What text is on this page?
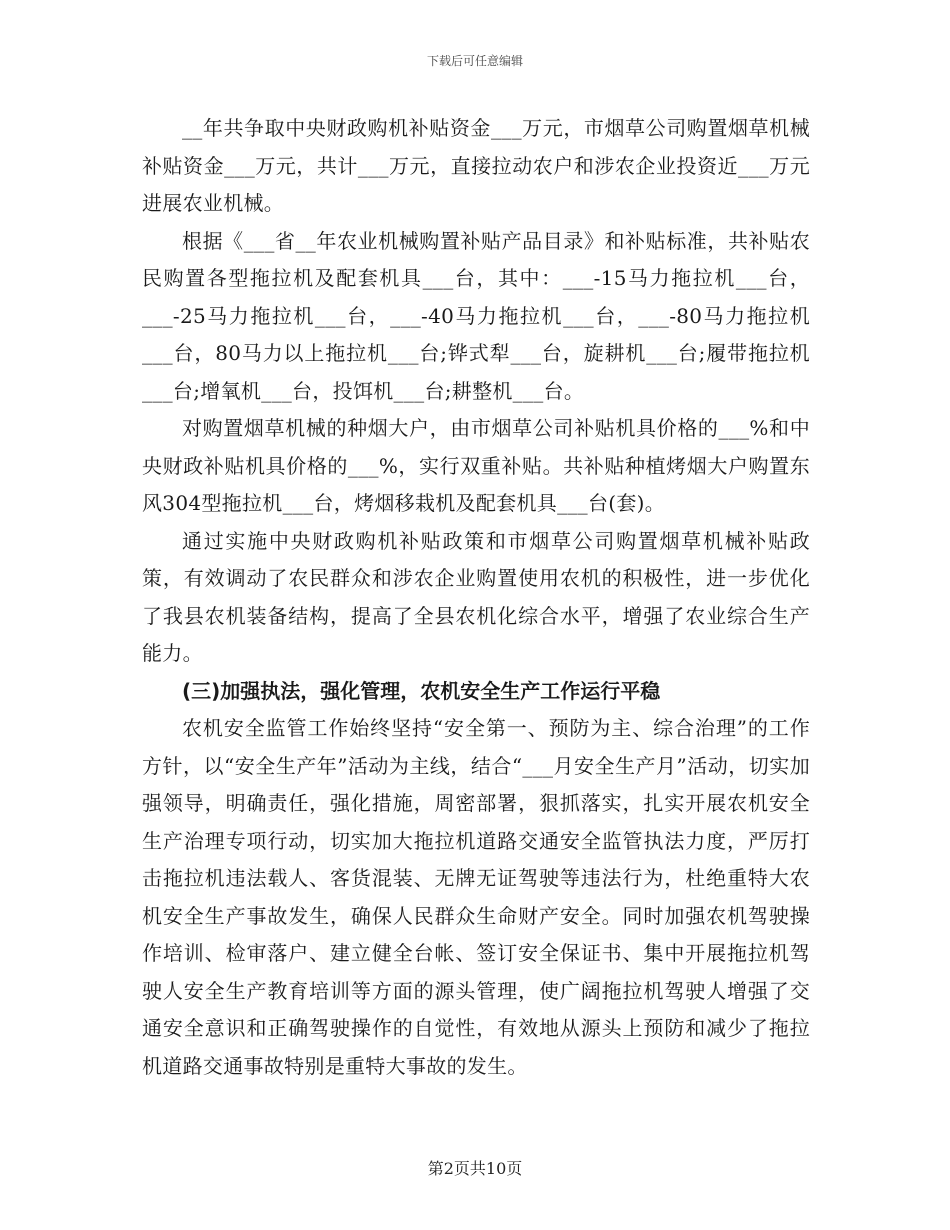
下载后可任意编辑

__年共争取中央财政购机补贴资金___万元，市烟草公司购置烟草机械补贴资金___万元，共计___万元，直接拉动农户和涉农企业投资近___万元进展农业机械。

根据《___省__年农业机械购置补贴产品目录》和补贴标准，共补贴农民购置各型拖拉机及配套机具___台，其中：___-15马力拖拉机___台，___-25马力拖拉机___台，___-40马力拖拉机___台，___-80马力拖拉机___台，80马力以上拖拉机___台;铧式犁___台，旋耕机___台;履带拖拉机___台;增氧机___台，投饵机___台;耕整机___台。

对购置烟草机械的种烟大户，由市烟草公司补贴机具价格的___%和中央财政补贴机具价格的___%，实行双重补贴。共补贴种植烤烟大户购置东风304型拖拉机___台，烤烟移栽机及配套机具___台(套)。

通过实施中央财政购机补贴政策和市烟草公司购置烟草机械补贴政策，有效调动了农民群众和涉农企业购置使用农机的积极性，进一步优化了我县农机装备结构，提高了全县农机化综合水平，增强了农业综合生产能力。

(三)加强执法，强化管理，农机安全生产工作运行平稳

农机安全监管工作始终坚持“安全第一、预防为主、综合治理”的工作方针，以“安全生产年”活动为主线，结合“___月安全生产月”活动，切实加强领导，明确责任，强化措施，周密部署，狠抓落实，扎实开展农机安全生产治理专项行动，切实加大拖拉机道路交通安全监管执法力度，严厉打击拖拉机违法载人、客货混装、无牌无证驾驶等违法行为，杜绝重特大农机安全生产事故发生，确保人民群众生命财产安全。同时加强农机驾驶操作培训、检审落户、建立健全台帐、签订安全保证书、集中开展拖拉机驾驶人安全生产教育培训等方面的源头管理，使广阔拖拉机驾驶人增强了交通安全意识和正确驾驶操作的自觉性，有效地从源头上预防和减少了拖拉机道路交通事故特别是重特大事故的发生。

第2页共10页
